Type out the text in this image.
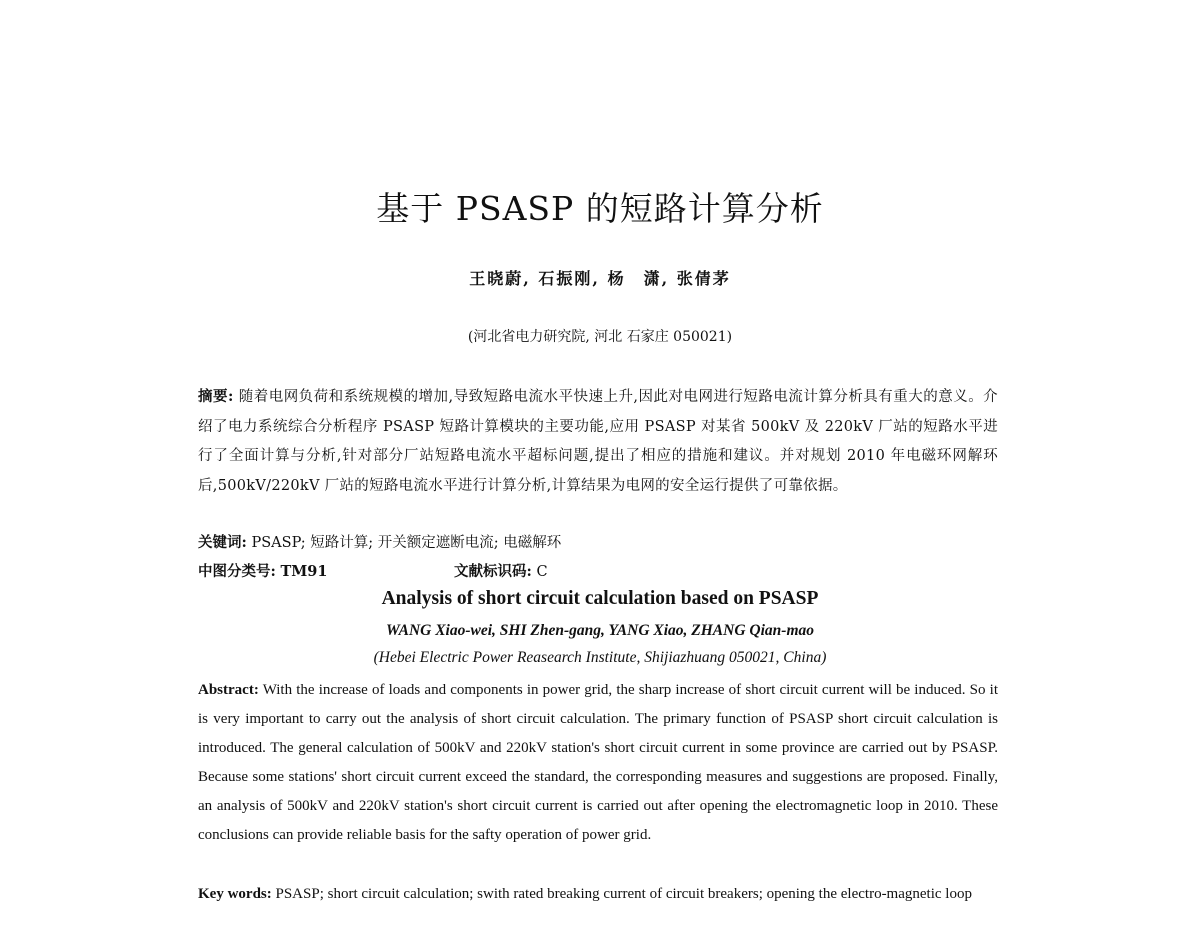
基于 PSASP 的短路计算分析
王晓蔚, 石振刚, 杨　潇, 张倩茅
(河北省电力研究院, 河北 石家庄 050021)
摘要: 随着电网负荷和系统规模的增加,导致短路电流水平快速上升,因此对电网进行短路电流计算分析具有重大的意义。介绍了电力系统综合分析程序 PSASP 短路计算模块的主要功能,应用 PSASP 对某省 500kV 及 220kV 厂站的短路水平进行了全面计算与分析,针对部分厂站短路电流水平超标问题,提出了相应的措施和建议。并对规划 2010 年电磁环网解环后,500kV/220kV 厂站的短路电流水平进行计算分析,计算结果为电网的安全运行提供了可靠依据。
关键词: PSASP; 短路计算; 开关额定遮断电流; 电磁解环
中图分类号: TM91	文献标识码: C
Analysis of short circuit calculation based on PSASP
WANG Xiao-wei, SHI Zhen-gang, YANG Xiao, ZHANG Qian-mao
(Hebei Electric Power Reasearch Institute, Shijiazhuang 050021, China)
Abstract: With the increase of loads and components in power grid, the sharp increase of short circuit current will be induced. So it is very important to carry out the analysis of short circuit calculation. The primary function of PSASP short circuit calculation is introduced. The general calculation of 500kV and 220kV station's short circuit current in some province are carried out by PSASP. Because some stations' short circuit current exceed the standard, the corresponding measures and suggestions are proposed. Finally, an analysis of 500kV and 220kV station's short circuit current is carried out after opening the electromagnetic loop in 2010. These conclusions can provide reliable basis for the safty operation of power grid.
Key words: PSASP; short circuit calculation; swith rated breaking current of circuit breakers; opening the electro-magnetic loop
